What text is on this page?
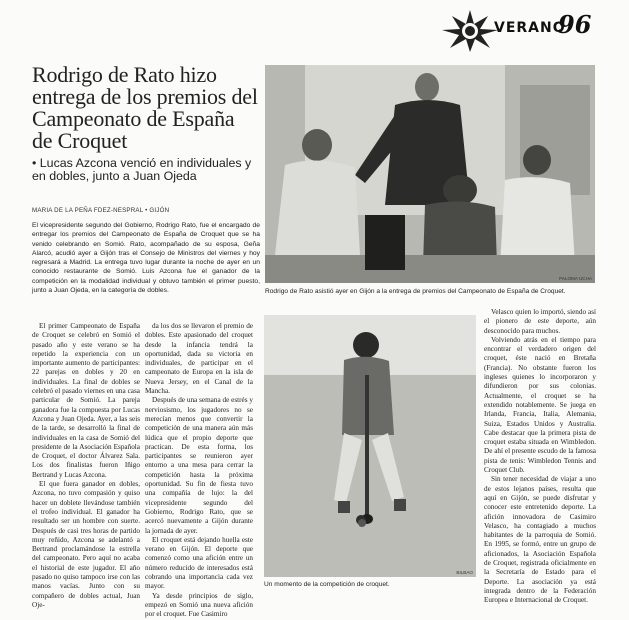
VERANO
96
Rodrigo de Rato hizo entrega de los premios del Campeonato de España de Croquet
• Lucas Azcona venció en individuales y en dobles, junto a Juan Ojeda
MARIA DE LA PEÑA FDEZ-NESPRAL • GIJÓN
El vicepresidente segundo del Gobierno, Rodrigo Rato, fue el encargado de entregar los premios del Campeonato de España de Croquet que se ha venido celebrando en Somió. Rato, acompañado de su esposa, Geña Alarcó, acudió ayer a Gijón tras el Consejo de Ministros del viernes y hoy regresará a Madrid. La entrega tuvo lugar durante la noche de ayer en un conocido restaurante de Somió. Luis Azcona fue el ganador de la competición en la modalidad individual y obtuvo también el primer puesto, junto a Juan Ojeda, en la categoría de dobles.

El primer Campeonato de España de Croquet se celebró en Somió el pasado año y este verano se ha repetido la experiencia con un importante aumento de participantes: 22 parejas en dobles y 20 en individuales. La final de dobles se celebró el pasado viernes en una casa particular de Somió. La pareja ganadora fue la compuesta por Lucas Azcona y Juan Ojeda. Ayer, a las seis de la tarde, se desarrolló la final de individuales en la casa de Somió del presidente de la Asociación Española de Croquet, el doctor Álvarez Sala. Los dos finalistas fueron Iñigo Bertrand y Lucas Azcona.

El que fuera ganador en dobles, Azcona, no tuvo compasión y quiso hacer un doblete llevándose también el trofeo individual. El ganador ha resultado ser un hombre con suerte. Después de casi tres horas de partido muy reñido, Azcona se adelantó a Bertrand proclamándose la estrella del campeonato. Pero aquí no acaba el historial de este jugador. El año pasado no quiso tampoco irse con las manos vacías. Junto con su compañero de dobles actual, Juan Oje-

da los dos se llevaron el premio de dobles. Este apasionado del croquet desde la infancia tendrá la oportunidad, dada su victoria en individuales, de participar en el campeonato de Europa en la isla de Nueva Jersey, en el Canal de la Mancha.

Después de una semana de estrés y nerviosismo, los jugadores no se merecían menos que convertir la competición de una manera aún más lúdica que el propio deporte que practican. De esta forma, los participantes se reunieron ayer entorno a una mesa para cerrar la competición hasta la próxima oportunidad. Su fin de fiesta tuvo una compañía de lujo: la del vicepresidente segundo del Gobierno, Rodrigo Rato, que se acercó nuevamente a Gijón durante la jornada de ayer.

El croquet está dejando huella este verano en Gijón. El deporte que comenzó como una afición entre un número reducido de interesados está cobrando una importancia cada vez mayor.

Ya desde principios de siglo, empezó en Somió una nueva afición por el croquet. Fue Casimiro

Velasco quien lo importó, siendo así el pionero de este deporte, aún desconocido para muchos.

Volviendo atrás en el tiempo para encontrar el verdadero origen del croquet, éste nació en Bretaña (Francia). No obstante fueron los ingleses quienes lo incorporaron y difundieron por sus colonias. Actualmente, el croquet se ha extendido notablemente. Se juega en Irlanda, Francia, Italia, Alemania, Suiza, Estados Unidos y Australia. Cabe destacar que la primera pista de croquet estaba situada en Wimbledon. De ahí el presente escudo de la famosa pista de tenis: Wimbledon Tennis and Croquet Club.

Sin tener necesidad de viajar a uno de estos lejanos países, resulta que aquí en Gijón, se puede disfrutar y conocer este entretenido deporte. La afición innovadora de Casimiro Velasco, ha contagiado a muchos habitantes de la parroquia de Somió. En 1995, se formó, entre un grupo de aficionados, la Asociación Española de Croquet, registrada oficialmente en la Secretaría de Estado para el Deporte. La asociación ya está integrada dentro de la Federación Europea e Internacional de Croquet.

PALOMA UCHA
Rodrigo de Rato asistió ayer en Gijón a la entrega de premios del Campeonato de España de Croquet.
BILBAO
Un momento de la competición de croquet.
